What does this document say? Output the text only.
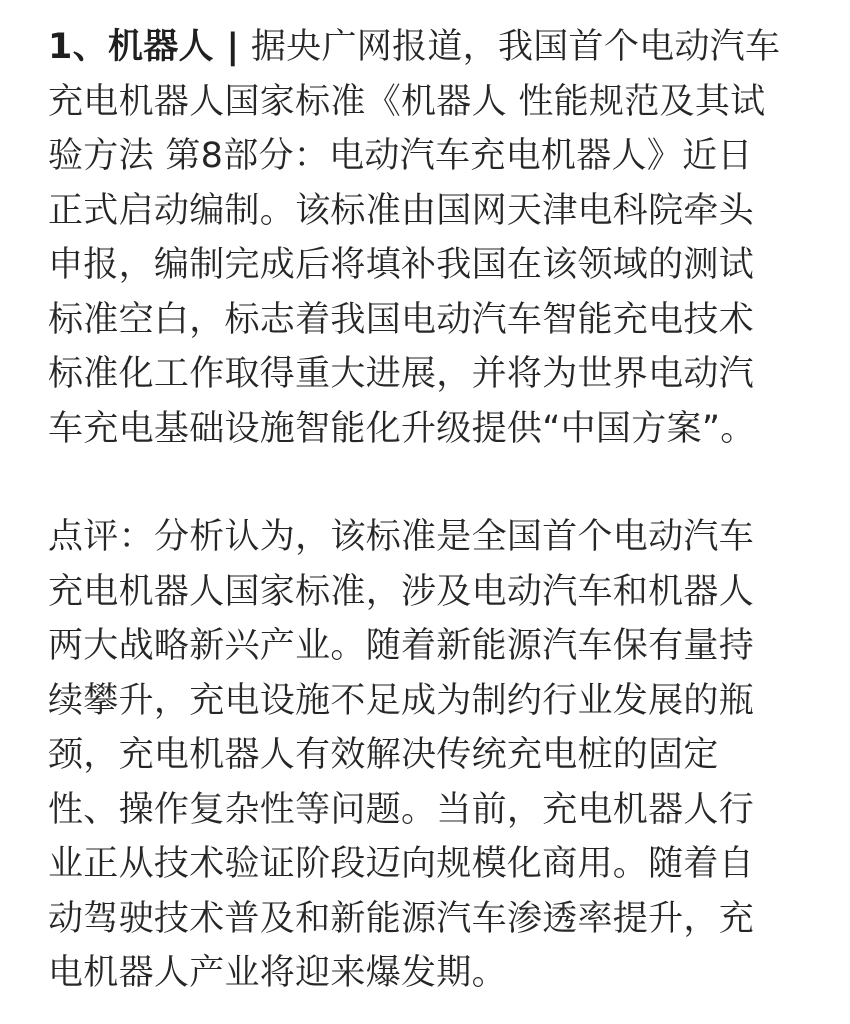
1、机器人 | 据央广网报道，我国首个电动汽车
充电机器人国家标准《机器人 性能规范及其试
验方法 第8部分：电动汽车充电机器人》近日
正式启动编制。该标准由国网天津电科院牵头
申报，编制完成后将填补我国在该领域的测试
标准空白，标志着我国电动汽车智能充电技术
标准化工作取得重大进展，并将为世界电动汽
车充电基础设施智能化升级提供“中国方案”。
点评：分析认为，该标准是全国首个电动汽车
充电机器人国家标准，涉及电动汽车和机器人
两大战略新兴产业。随着新能源汽车保有量持
续攀升，充电设施不足成为制约行业发展的瓶
颈，充电机器人有效解决传统充电桩的固定
性、操作复杂性等问题。当前，充电机器人行
业正从技术验证阶段迈向规模化商用。随着自
动驾驶技术普及和新能源汽车渗透率提升，充
电机器人产业将迎来爆发期。
